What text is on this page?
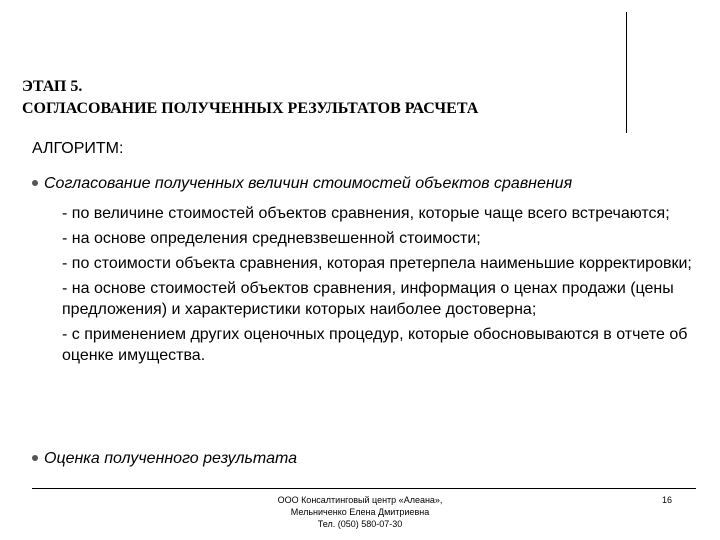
ЭТАП 5.
СОГЛАСОВАНИЕ ПОЛУЧЕННЫХ РЕЗУЛЬТАТОВ РАСЧЕТА
АЛГОРИТМ:
Согласование полученных величин стоимостей объектов сравнения
- по величине стоимостей объектов сравнения, которые чаще всего встречаются;
- на основе определения средневзвешенной стоимости;
- по стоимости объекта сравнения, которая претерпела наименьшие корректировки;
- на основе стоимостей объектов сравнения, информация о ценах продажи (цены предложения) и характеристики которых наиболее достоверна;
- с применением других оценочных процедур, которые обосновываются в отчете об оценке имущества.
Оценка полученного результата
ООО Консалтинговый центр «Алеана»,
Мельниченко Елена Дмитриевна
Тел. (050) 580-07-30
16
